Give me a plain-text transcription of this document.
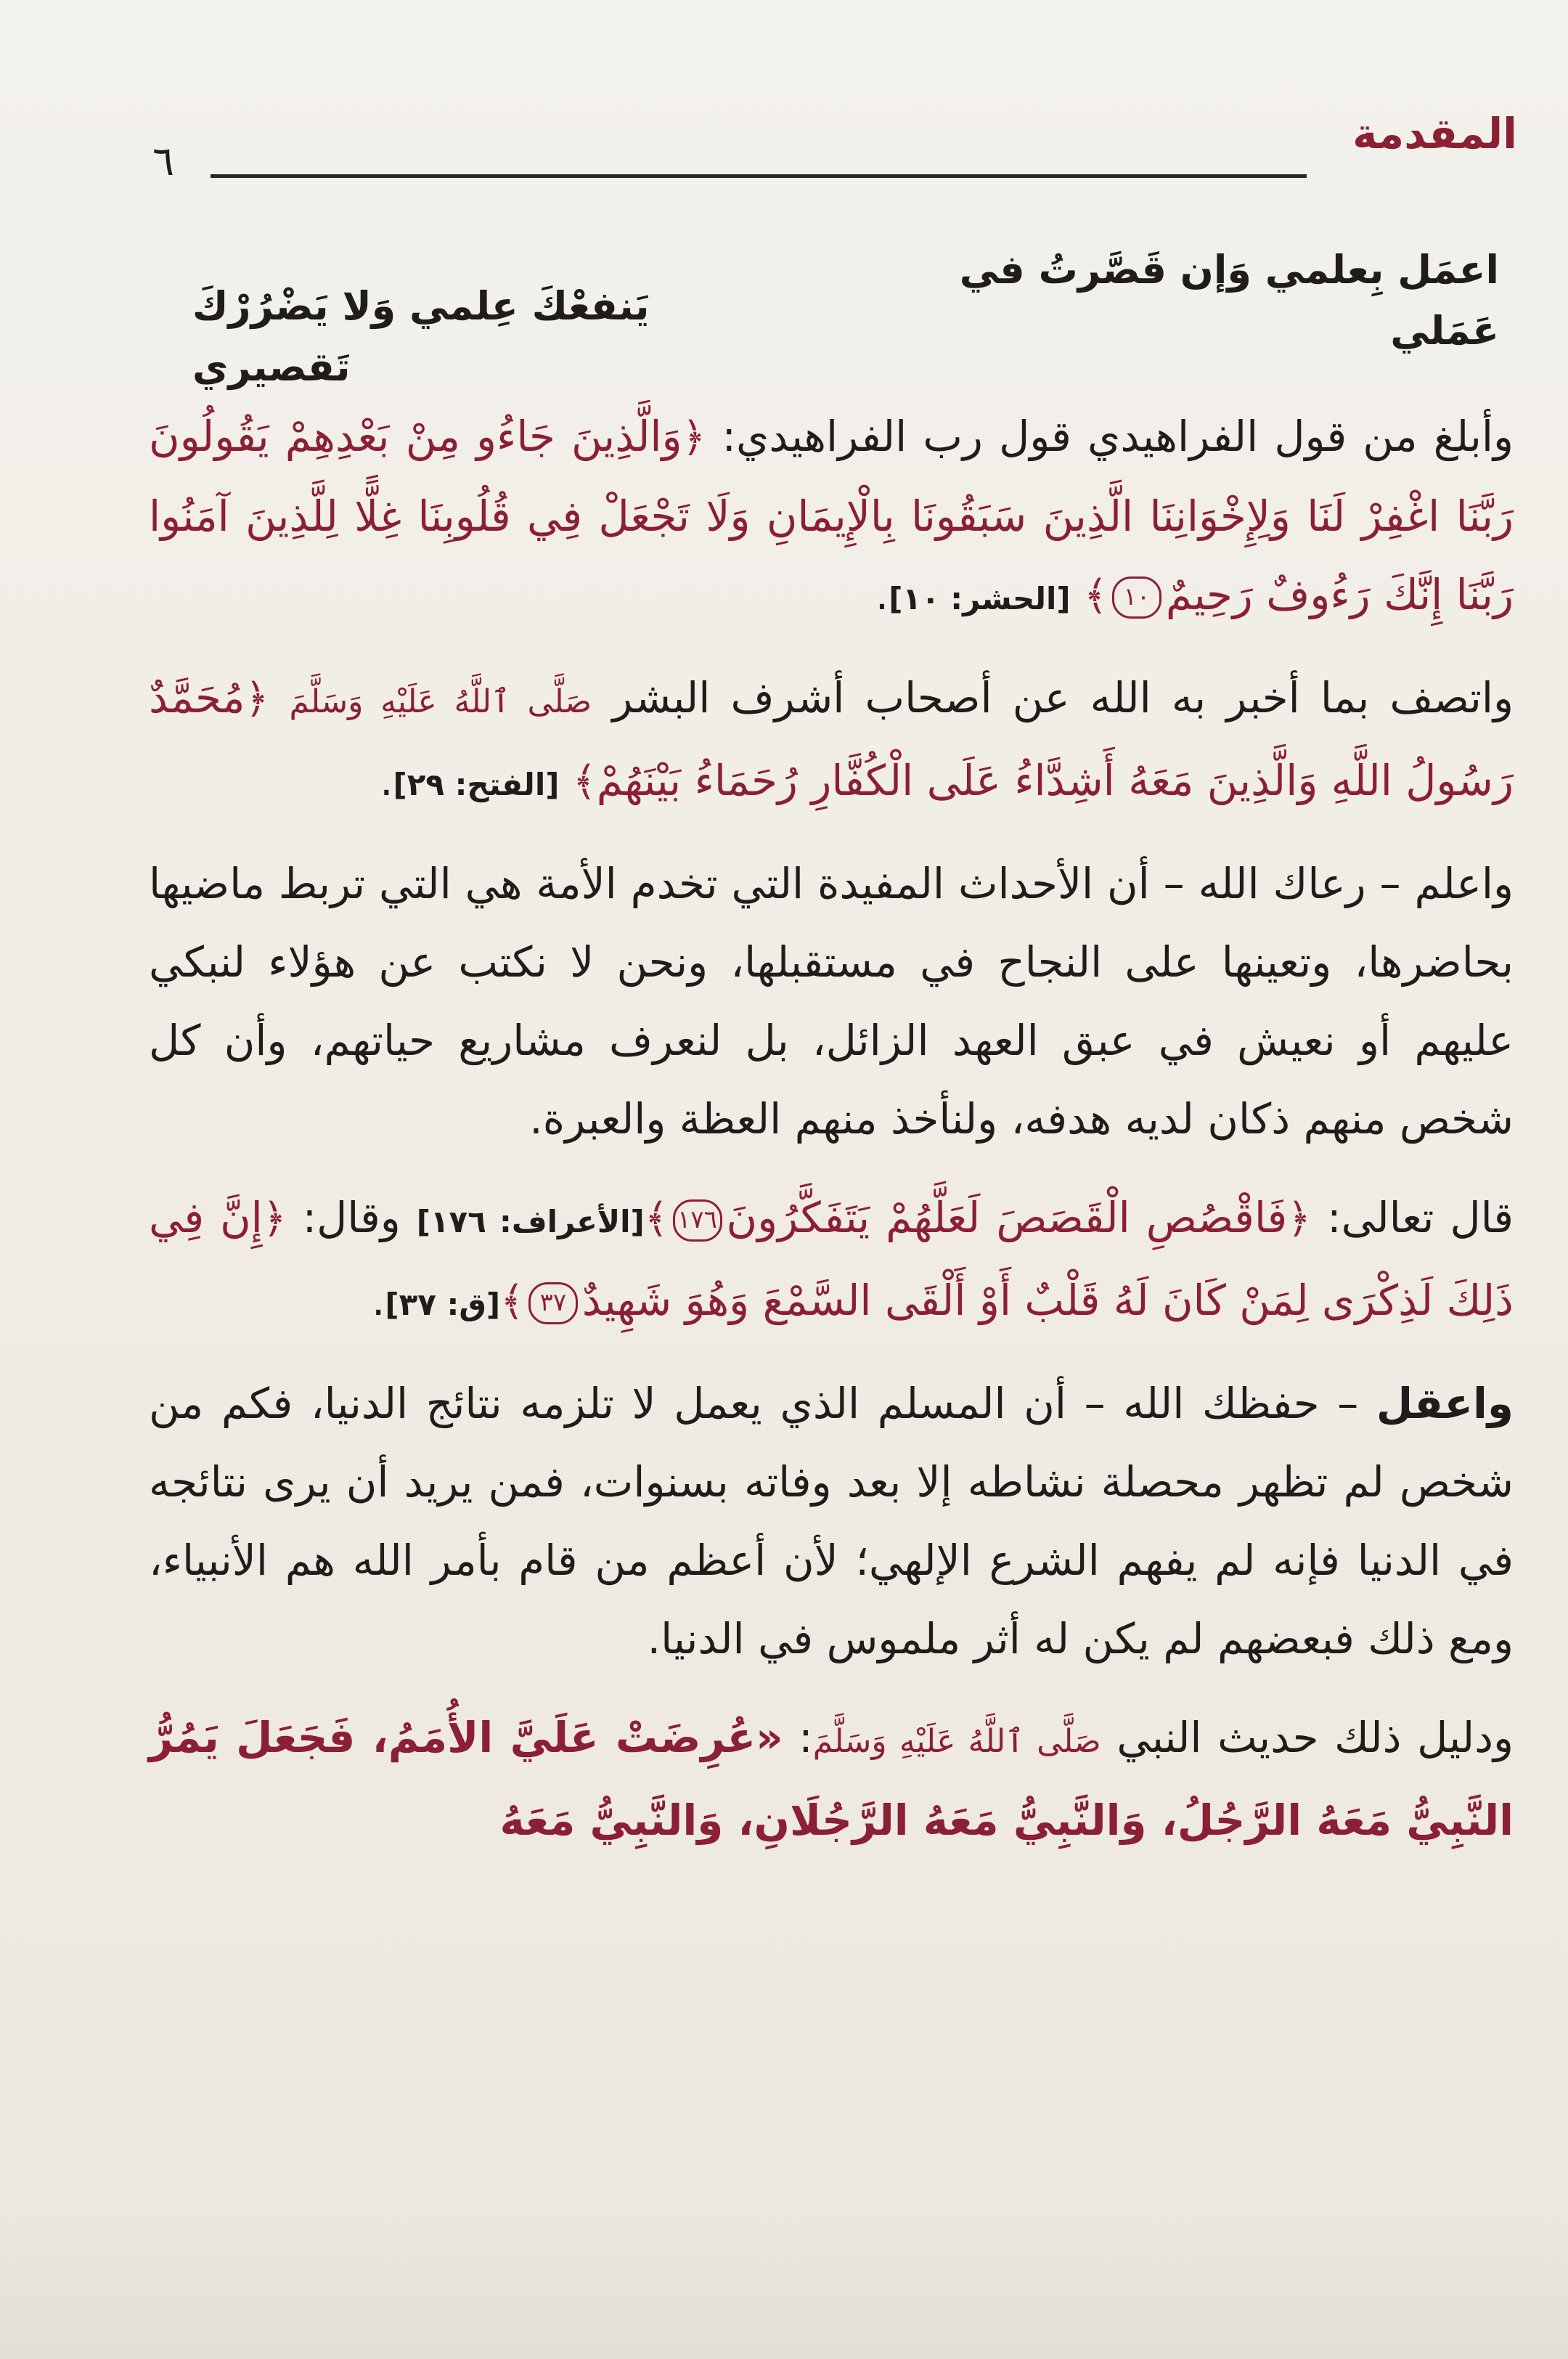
المقدمة
٦
اعمَل بِعلمي وَإن قَصَّرتُ في عَمَلي
يَنفعْكَ عِلمي وَلا يَضْرُرْكَ تَقصيري

وأبلغ من قول الفراهيدي قول رب الفراهيدي: ﴿وَالَّذِينَ جَاءُو مِنْ بَعْدِهِمْ يَقُولُونَ رَبَّنَا اغْفِرْ لَنَا وَلِإِخْوَانِنَا الَّذِينَ سَبَقُونَا بِالْإِيمَانِ وَلَا تَجْعَلْ فِي قُلُوبِنَا غِلًّا لِلَّذِينَ آمَنُوا رَبَّنَا إِنَّكَ رَءُوفٌ رَحِيمٌ١٠﴾ [الحشر: ١٠].

واتصف بما أخبر به الله عن أصحاب أشرف البشر صَلَّى ٱللَّهُ عَلَيْهِ وَسَلَّمَ ﴿مُحَمَّدٌ رَسُولُ اللَّهِ وَالَّذِينَ مَعَهُ أَشِدَّاءُ عَلَى الْكُفَّارِ رُحَمَاءُ بَيْنَهُمْ﴾ [الفتح: ٢٩].

واعلم – رعاك الله – أن الأحداث المفيدة التي تخدم الأمة هي التي تربط ماضيها بحاضرها، وتعينها على النجاح في مستقبلها، ونحن لا نكتب عن هؤلاء لنبكي عليهم أو نعيش في عبق العهد الزائل، بل لنعرف مشاريع حياتهم، وأن كل شخص منهم ذكان لديه هدفه، ولنأخذ منهم العظة والعبرة.

قال تعالى: ﴿فَاقْصُصِ الْقَصَصَ لَعَلَّهُمْ يَتَفَكَّرُونَ١٧٦﴾[الأعراف: ١٧٦] وقال: ﴿إِنَّ فِي ذَلِكَ لَذِكْرَى لِمَنْ كَانَ لَهُ قَلْبٌ أَوْ أَلْقَى السَّمْعَ وَهُوَ شَهِيدٌ٣٧﴾[ق: ٣٧].

واعقل – حفظك الله – أن المسلم الذي يعمل لا تلزمه نتائج الدنيا، فكم من شخص لم تظهر محصلة نشاطه إلا بعد وفاته بسنوات، فمن يريد أن يرى نتائجه في الدنيا فإنه لم يفهم الشرع الإلهي؛ لأن أعظم من قام بأمر الله هم الأنبياء، ومع ذلك فبعضهم لم يكن له أثر ملموس في الدنيا.

ودليل ذلك حديث النبي صَلَّى ٱللَّهُ عَلَيْهِ وَسَلَّمَ: «عُرِضَتْ عَلَيَّ الأُمَمُ، فَجَعَلَ يَمُرُّ النَّبِيُّ مَعَهُ الرَّجُلُ، وَالنَّبِيُّ مَعَهُ الرَّجُلَانِ، وَالنَّبِيُّ مَعَهُ
